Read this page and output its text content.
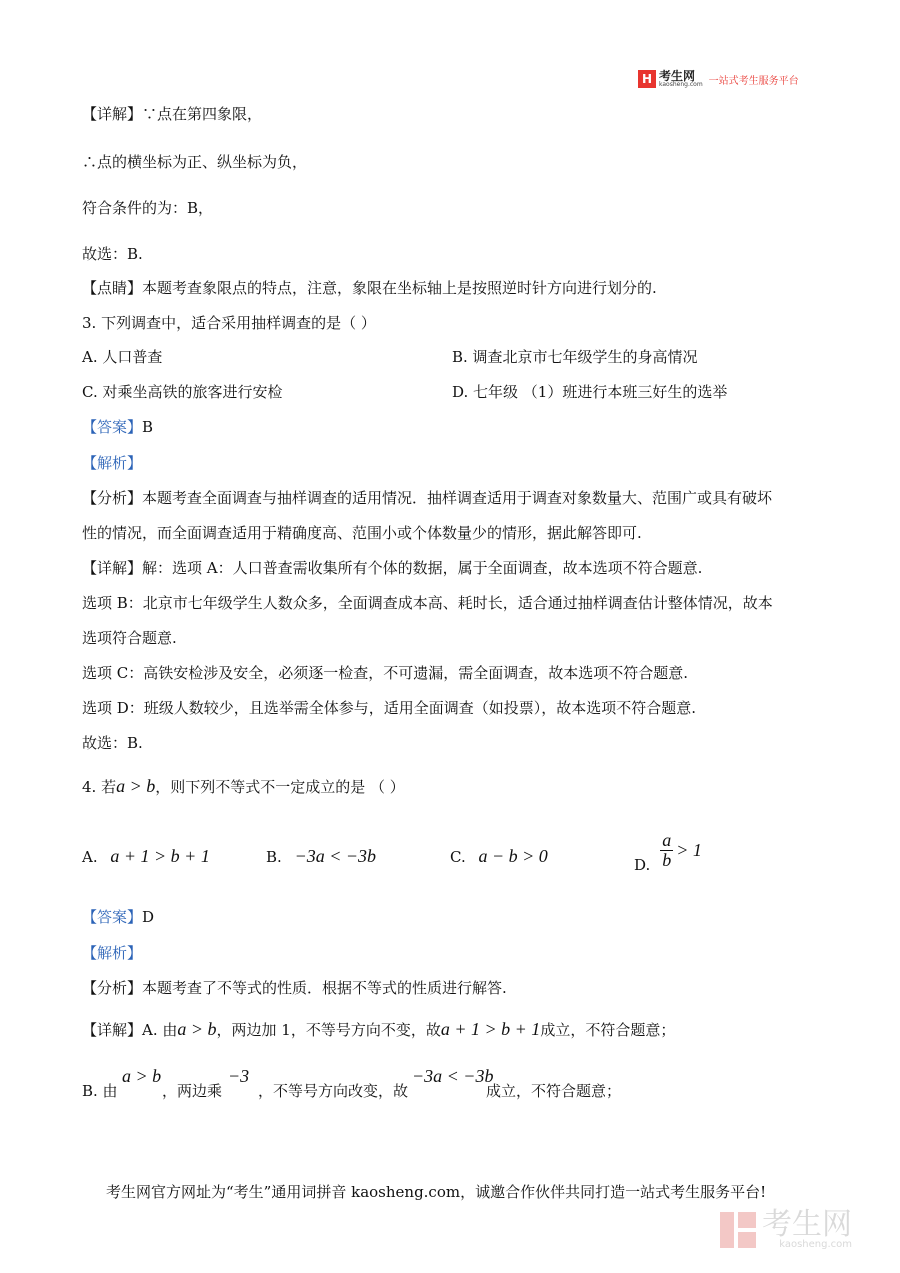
H 考生网
kaosheng.com 一站式考生服务平台
【详解】∵点在第四象限，
∴点的横坐标为正、纵坐标为负，
符合条件的为：B，
故选：B.
【点睛】本题考查象限点的特点，注意，象限在坐标轴上是按照逆时针方向进行划分的.
3. 下列调查中，适合采用抽样调查的是（ ）
A. 人口普查	B. 调查北京市七年级学生的身高情况
C. 对乘坐高铁的旅客进行安检	D. 七年级 （1）班进行本班三好生的选举
【答案】B
【解析】
【分析】本题考查全面调查与抽样调查的适用情况．抽样调查适用于调查对象数量大、范围广或具有破坏
性的情况，而全面调查适用于精确度高、范围小或个体数量少的情形，据此解答即可.
【详解】解：选项 A：人口普查需收集所有个体的数据，属于全面调查，故本选项不符合题意.
选项 B：北京市七年级学生人数众多，全面调查成本高、耗时长，适合通过抽样调查估计整体情况，故本
选项符合题意.
选项 C：高铁安检涉及安全，必须逐一检查，不可遗漏，需全面调查，故本选项不符合题意.
选项 D：班级人数较少，且选举需全体参与，适用全面调查（如投票），故本选项不符合题意.
故选：B.
4. 若a > b，则下列不等式不一定成立的是 （ ）
A. a + 1 > b + 1	B. −3a < −3b	C. a − b > 0	D. $\frac{a}{b} > 1$
【答案】D
【解析】
【分析】本题考查了不等式的性质．根据不等式的性质进行解答.
【详解】A. 由a > b，两边加 1，不等号方向不变，故a + 1 > b + 1成立，不符合题意；
B. 由
a > b
，两边乘
−3
，不等号方向改变，故
−3a < −3b
成立，不符合题意；
考生网官方网址为“考生”通用词拼音 kaosheng.com，诚邀合作伙伴共同打造一站式考生服务平台!
考生网
kaosheng.com
